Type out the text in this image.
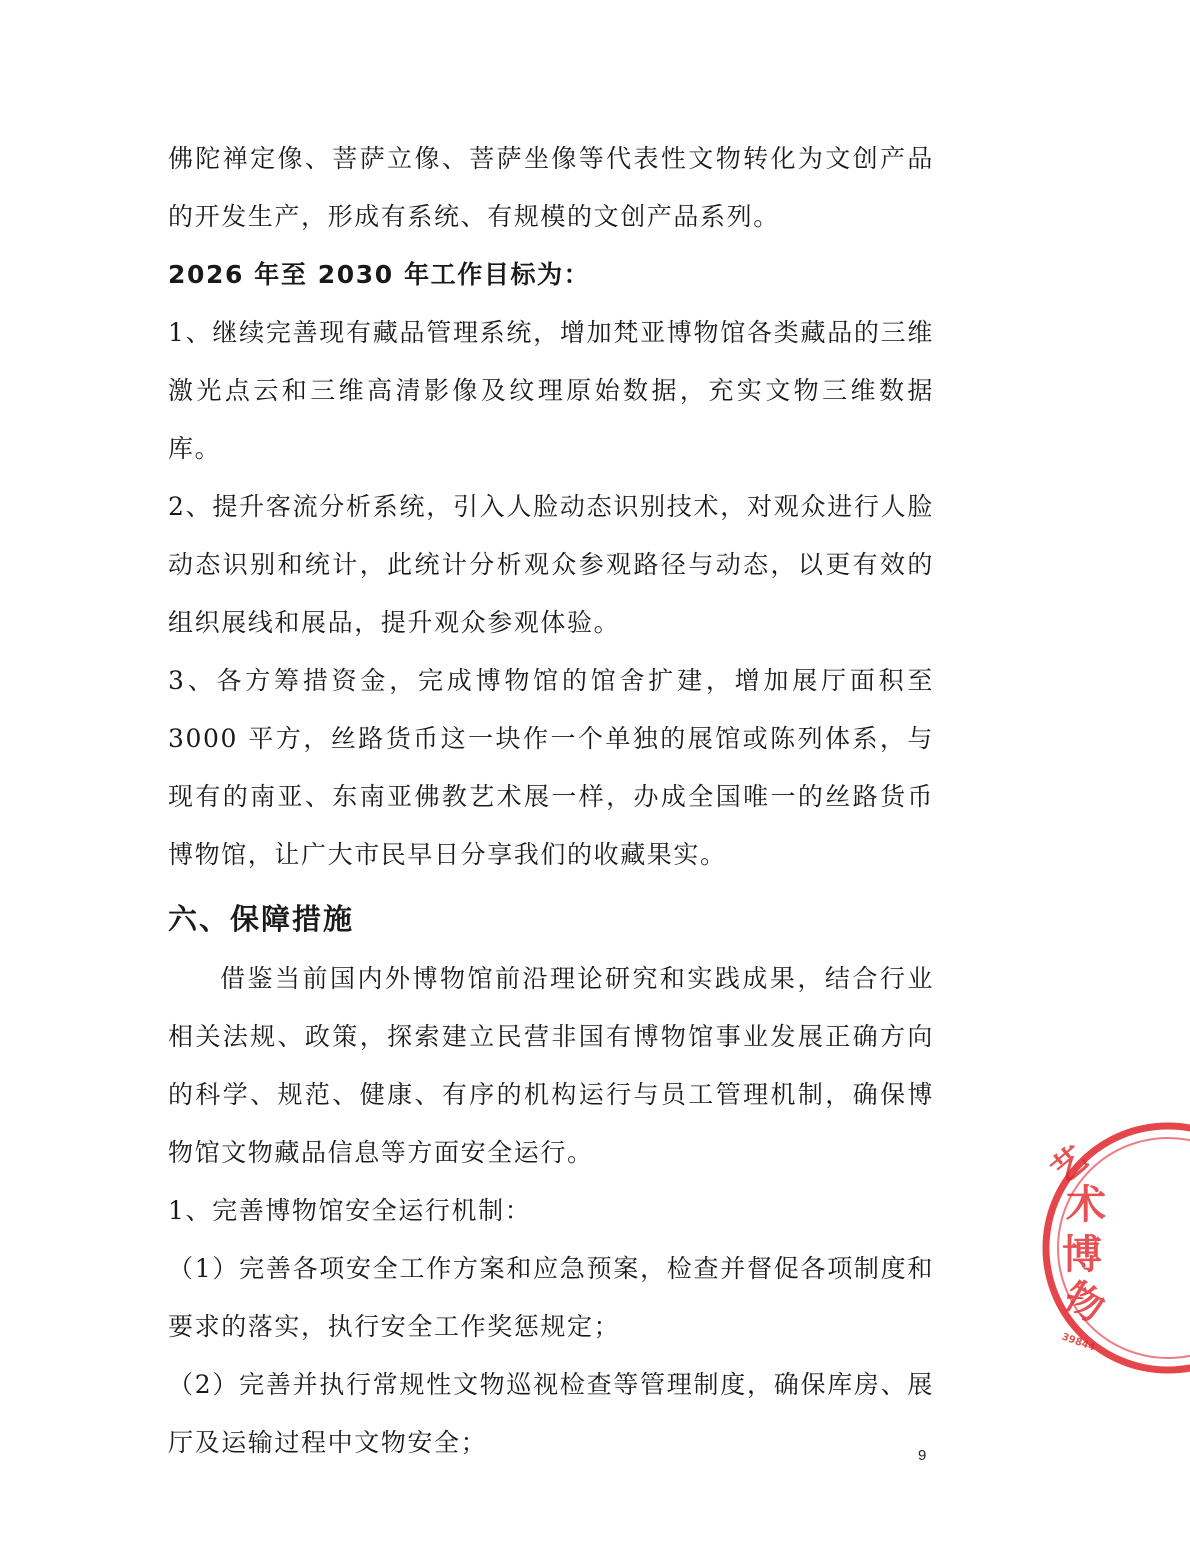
佛陀禅定像、菩萨立像、菩萨坐像等代表性文物转化为文创产品的开发生产，形成有系统、有规模的文创产品系列。

2026 年至 2030 年工作目标为：

1、继续完善现有藏品管理系统，增加梵亚博物馆各类藏品的三维激光点云和三维高清影像及纹理原始数据，充实文物三维数据库。

2、提升客流分析系统，引入人脸动态识别技术，对观众进行人脸动态识别和统计，此统计分析观众参观路径与动态，以更有效的组织展线和展品，提升观众参观体验。

3、各方筹措资金，完成博物馆的馆舍扩建，增加展厅面积至 3000 平方，丝路货币这一块作一个单独的展馆或陈列体系，与现有的南亚、东南亚佛教艺术展一样，办成全国唯一的丝路货币博物馆，让广大市民早日分享我们的收藏果实。

六、保障措施

借鉴当前国内外博物馆前沿理论研究和实践成果，结合行业相关法规、政策，探索建立民营非国有博物馆事业发展正确方向的科学、规范、健康、有序的机构运行与员工管理机制，确保博物馆文物藏品信息等方面安全运行。

1、完善博物馆安全运行机制：

（1）完善各项安全工作方案和应急预案，检查并督促各项制度和要求的落实，执行安全工作奖惩规定；

（2）完善并执行常规性文物巡视检查等管理制度，确保库房、展厅及运输过程中文物安全；

艺
术
博
物
39844
9
